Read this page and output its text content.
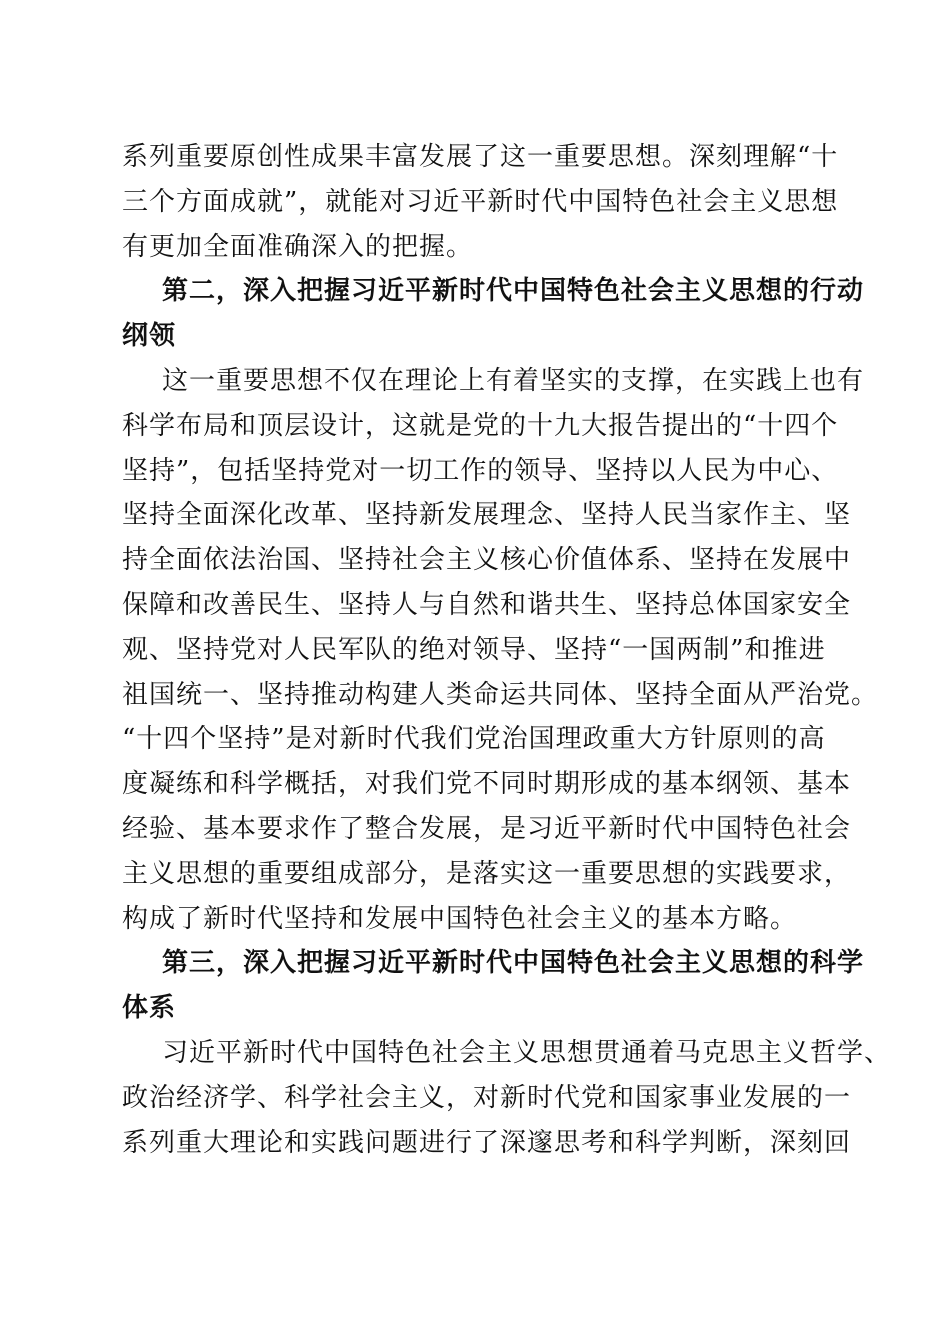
系列重要原创性成果丰富发展了这一重要思想。深刻理解“十
三个方面成就”，就能对习近平新时代中国特色社会主义思想
有更加全面准确深入的把握。
第二，深入把握习近平新时代中国特色社会主义思想的行动
纲领
这一重要思想不仅在理论上有着坚实的支撑，在实践上也有
科学布局和顶层设计，这就是党的十九大报告提出的“十四个
坚持”，包括坚持党对一切工作的领导、坚持以人民为中心、
坚持全面深化改革、坚持新发展理念、坚持人民当家作主、坚
持全面依法治国、坚持社会主义核心价值体系、坚持在发展中
保障和改善民生、坚持人与自然和谐共生、坚持总体国家安全
观、坚持党对人民军队的绝对领导、坚持“一国两制”和推进
祖国统一、坚持推动构建人类命运共同体、坚持全面从严治党。
“十四个坚持”是对新时代我们党治国理政重大方针原则的高
度凝练和科学概括，对我们党不同时期形成的基本纲领、基本
经验、基本要求作了整合发展，是习近平新时代中国特色社会
主义思想的重要组成部分，是落实这一重要思想的实践要求，
构成了新时代坚持和发展中国特色社会主义的基本方略。
第三，深入把握习近平新时代中国特色社会主义思想的科学
体系
习近平新时代中国特色社会主义思想贯通着马克思主义哲学、
政治经济学、科学社会主义，对新时代党和国家事业发展的一
系列重大理论和实践问题进行了深邃思考和科学判断，深刻回
